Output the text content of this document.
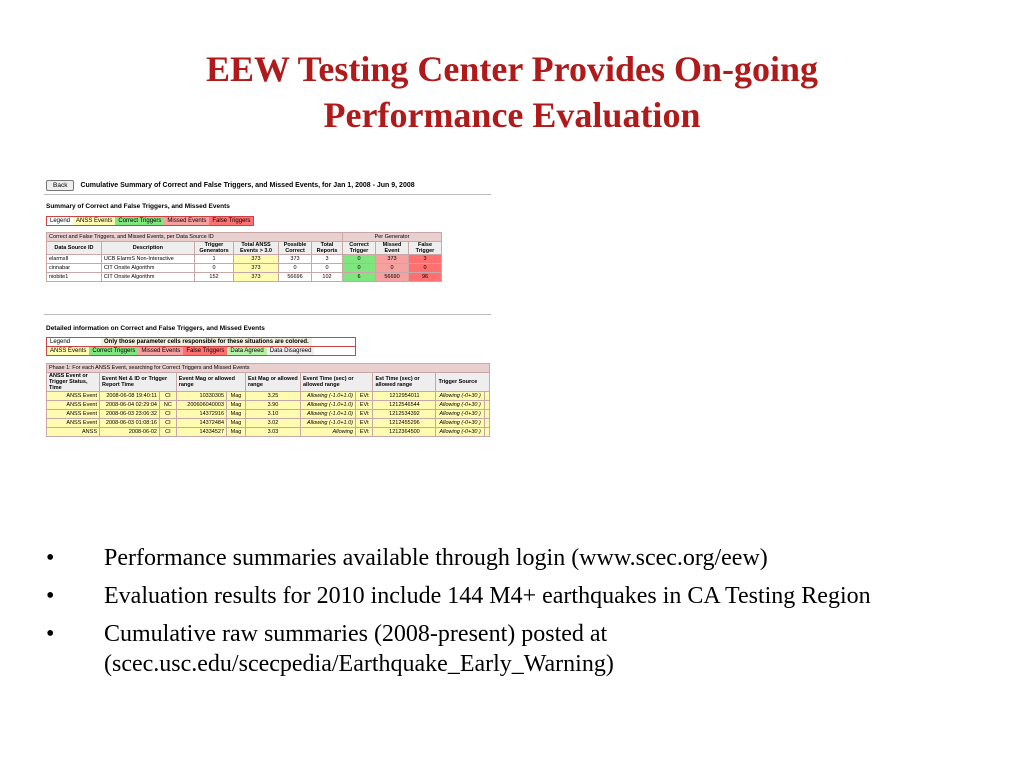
EEW Testing Center Provides On-going
Performance Evaluation
Back	Cumulative Summary of Correct and False Triggers, and Missed Events, for Jan 1, 2008 - Jun 9, 2008
Summary of Correct and False Triggers, and Missed Events
Legend	ANSS Events	Correct Triggers	Missed Events	False Triggers
Correct and False Triggers, and Missed Events, per Data Source ID						Per Generator		
Data Source ID	Description	Trigger Generators	Total ANSS Events > 3.0	Possible Correct	Total Reports	Correct Trigger	Missed Event	False Trigger
elarmsII	UCB ElarmS Non-Interactive	1	373	373	3	0	373	3
cinnabar	CIT Onsite Algorithm	0	373	0	0	0	0	0
niobite1	CIT Onsite Algorithm	152	373	56696	102	6	56690	96
Detailed information on Correct and False Triggers, and Missed Events
Legend	Only those parameter cells responsible for these situations are colored.
ANSS Events	Correct Triggers	Missed Events	False Triggers	Data Agreed	Data Disagreed
Phase 1: For each ANSS Event, searching for Correct Triggers and Missed Events										
ANSS Event or Trigger Status, Time	Event Net & ID or Trigger Report Time		Event Mag or allowed range		Est Mag or allowed range	Event Time (sec) or allowed range		Est Time (sec) or allowed range	Trigger Source	
ANSS Event	2008-06-08 19:40:11	CI	10330305	Mag	3.25	Allowing (-1.0+1.0)	EVt	1212954011	Allowing (-0+30 )	
ANSS Event	2008-06-04 02:29:04	NC	200606040003	Mag	3.90	Allowing (-1.0+1.0)	EVt	1212546544	Allowing (-0+30 )	
ANSS Event	2008-06-03 23:06:32	CI	14372916	Mag	3.10	Allowing (-1.0+1.0)	EVt	1212534392	Allowing (-0+30 )	
ANSS Event	2008-06-03 01:08:16	CI	14372484	Mag	3.02	Allowing (-1.0+1.0)	EVt	1212455296	Allowing (-0+30 )	
ANSS	2008-06-02	CI	14334527	Mag	3.03	Allowing	EVt	1212364500	Allowing (-0+30 )	
•	Performance summaries available through login (www.scec.org/eew)
•	Evaluation results for 2010 include 144 M4+ earthquakes in CA Testing Region
•	Cumulative raw summaries (2008-present) posted at (scec.usc.edu/scecpedia/Earthquake_Early_Warning)
